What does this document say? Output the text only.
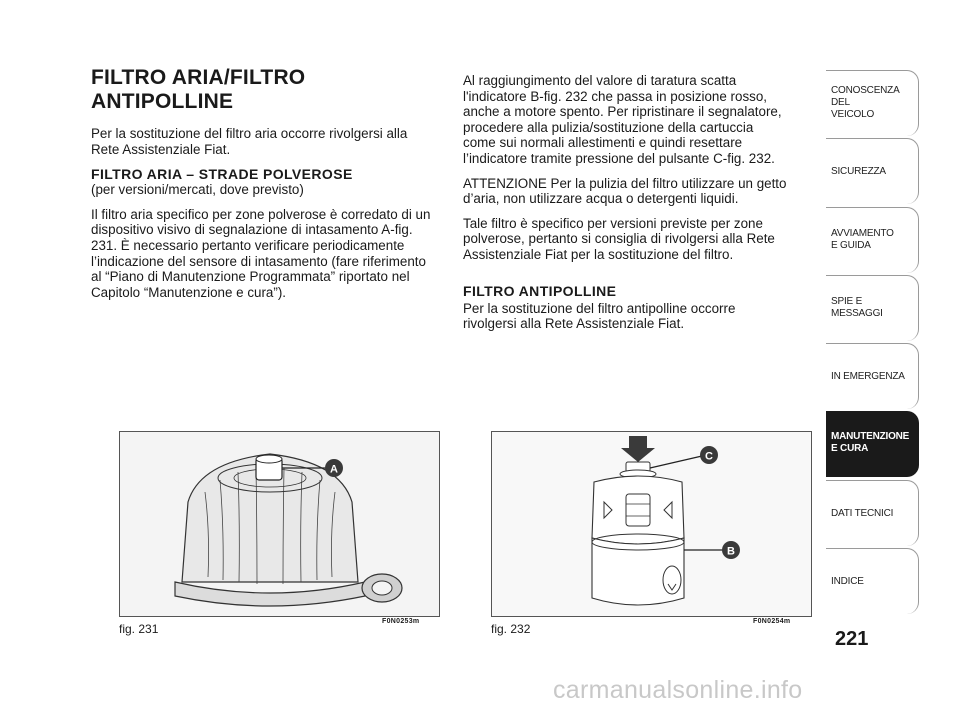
FILTRO ARIA/FILTRO ANTIPOLLINE

Per la sostituzione del filtro aria occorre rivolgersi alla Rete Assistenziale Fiat.

FILTRO ARIA – STRADE POLVEROSE

(per versioni/mercati, dove previsto)

Il filtro aria specifico per zone polverose è corredato di un dispositivo visivo di segnalazione di intasamento A-fig. 231. È necessario pertanto verificare periodicamente l’indicazione del sensore di intasamento (fare riferimento al “Piano di Manutenzione Programmata” riportato nel Capitolo “Manutenzione e cura”).

Al raggiungimento del valore di taratura scatta l'indicatore B-fig. 232 che passa in posizione rosso, anche a motore spento. Per ripristinare il segnalatore, procedere alla pulizia/sostituzione della cartuccia come sui normali allestimenti e quindi resettare l’indicatore tramite pressione del pulsante C-fig. 232.

ATTENZIONE Per la pulizia del filtro utilizzare un getto d’aria, non utilizzare acqua o detergenti liquidi.

Tale filtro è specifico per versioni previste per zone polverose, pertanto si consiglia di rivolgersi alla Rete Assistenziale Fiat per la sostituzione del filtro.

FILTRO ANTIPOLLINE

Per la sostituzione del filtro antipolline occorre rivolgersi alla Rete Assistenziale Fiat.

A
fig. 231
F0N0253m
C
B
fig. 232
F0N0254m
CONOSCENZA
DEL
VEICOLO
SICUREZZA
AVVIAMENTO
E GUIDA
SPIE E
MESSAGGI
IN EMERGENZA
MANUTENZIONE
E CURA
DATI TECNICI
INDICE
221
carmanualsonline.info
